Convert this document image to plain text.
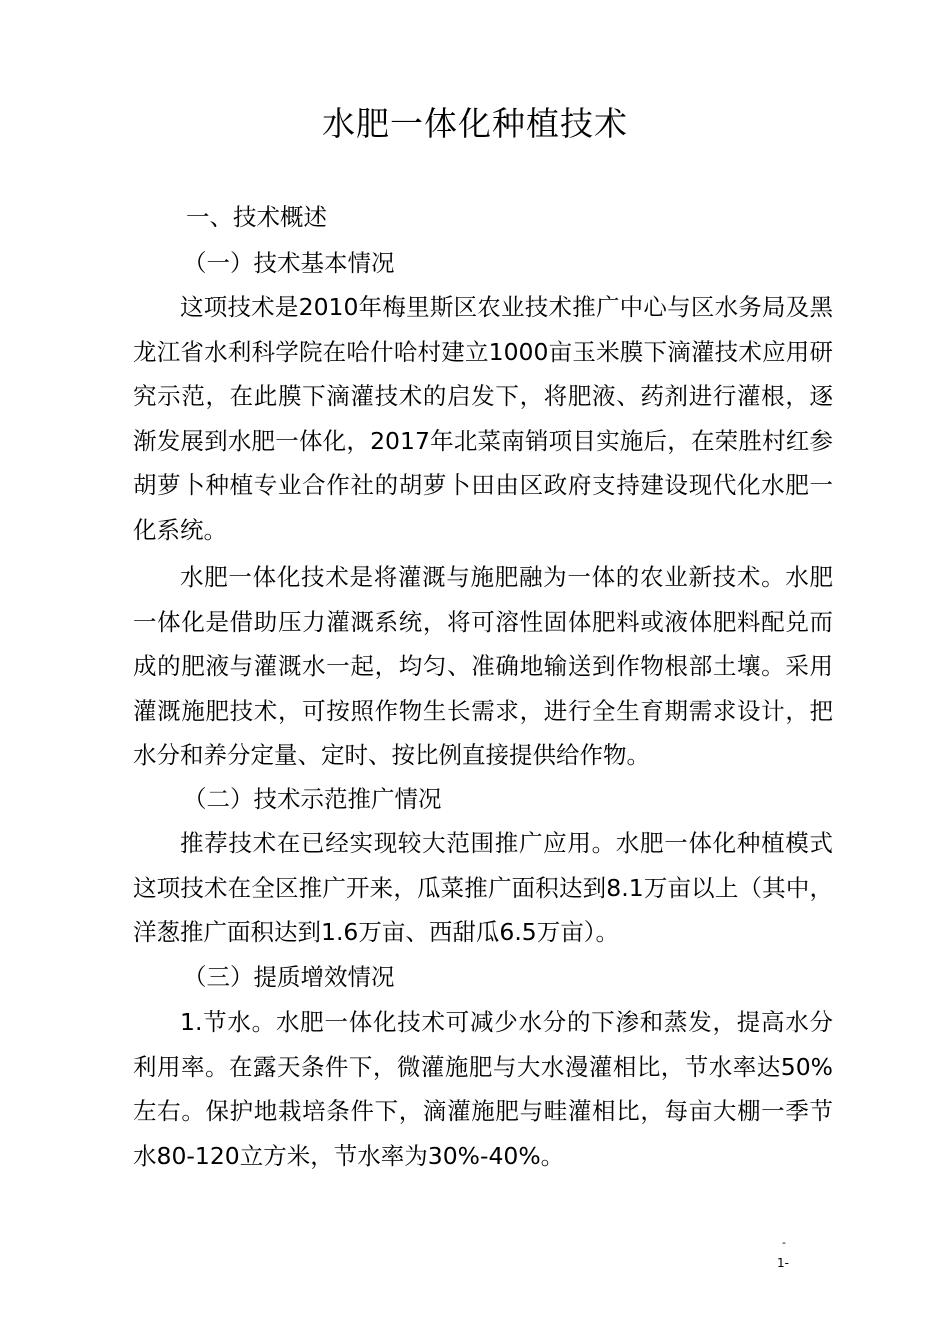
水肥一体化种植技术
一、技术概述
（一）技术基本情况
这项技术是2010年梅里斯区农业技术推广中心与区水务局及黑龙江省水利科学院在哈什哈村建立1000亩玉米膜下滴灌技术应用研究示范，在此膜下滴灌技术的启发下，将肥液、药剂进行灌根，逐渐发展到水肥一体化，2017年北菜南销项目实施后，在荣胜村红参胡萝卜种植专业合作社的胡萝卜田由区政府支持建设现代化水肥一化系统。
水肥一体化技术是将灌溉与施肥融为一体的农业新技术。水肥一体化是借助压力灌溉系统，将可溶性固体肥料或液体肥料配兑而成的肥液与灌溉水一起，均匀、准确地输送到作物根部土壤。采用灌溉施肥技术，可按照作物生长需求，进行全生育期需求设计，把水分和养分定量、定时、按比例直接提供给作物。
（二）技术示范推广情况
推荐技术在已经实现较大范围推广应用。水肥一体化种植模式这项技术在全区推广开来，瓜菜推广面积达到8.1万亩以上（其中，洋葱推广面积达到1.6万亩、西甜瓜6.5万亩）。
（三）提质增效情况
1.节水。水肥一体化技术可减少水分的下渗和蒸发，提高水分利用率。在露天条件下，微灌施肥与大水漫灌相比，节水率达50%左右。保护地栽培条件下，滴灌施肥与畦灌相比，每亩大棚一季节水80-120立方米，节水率为30%-40%。
-
1-
